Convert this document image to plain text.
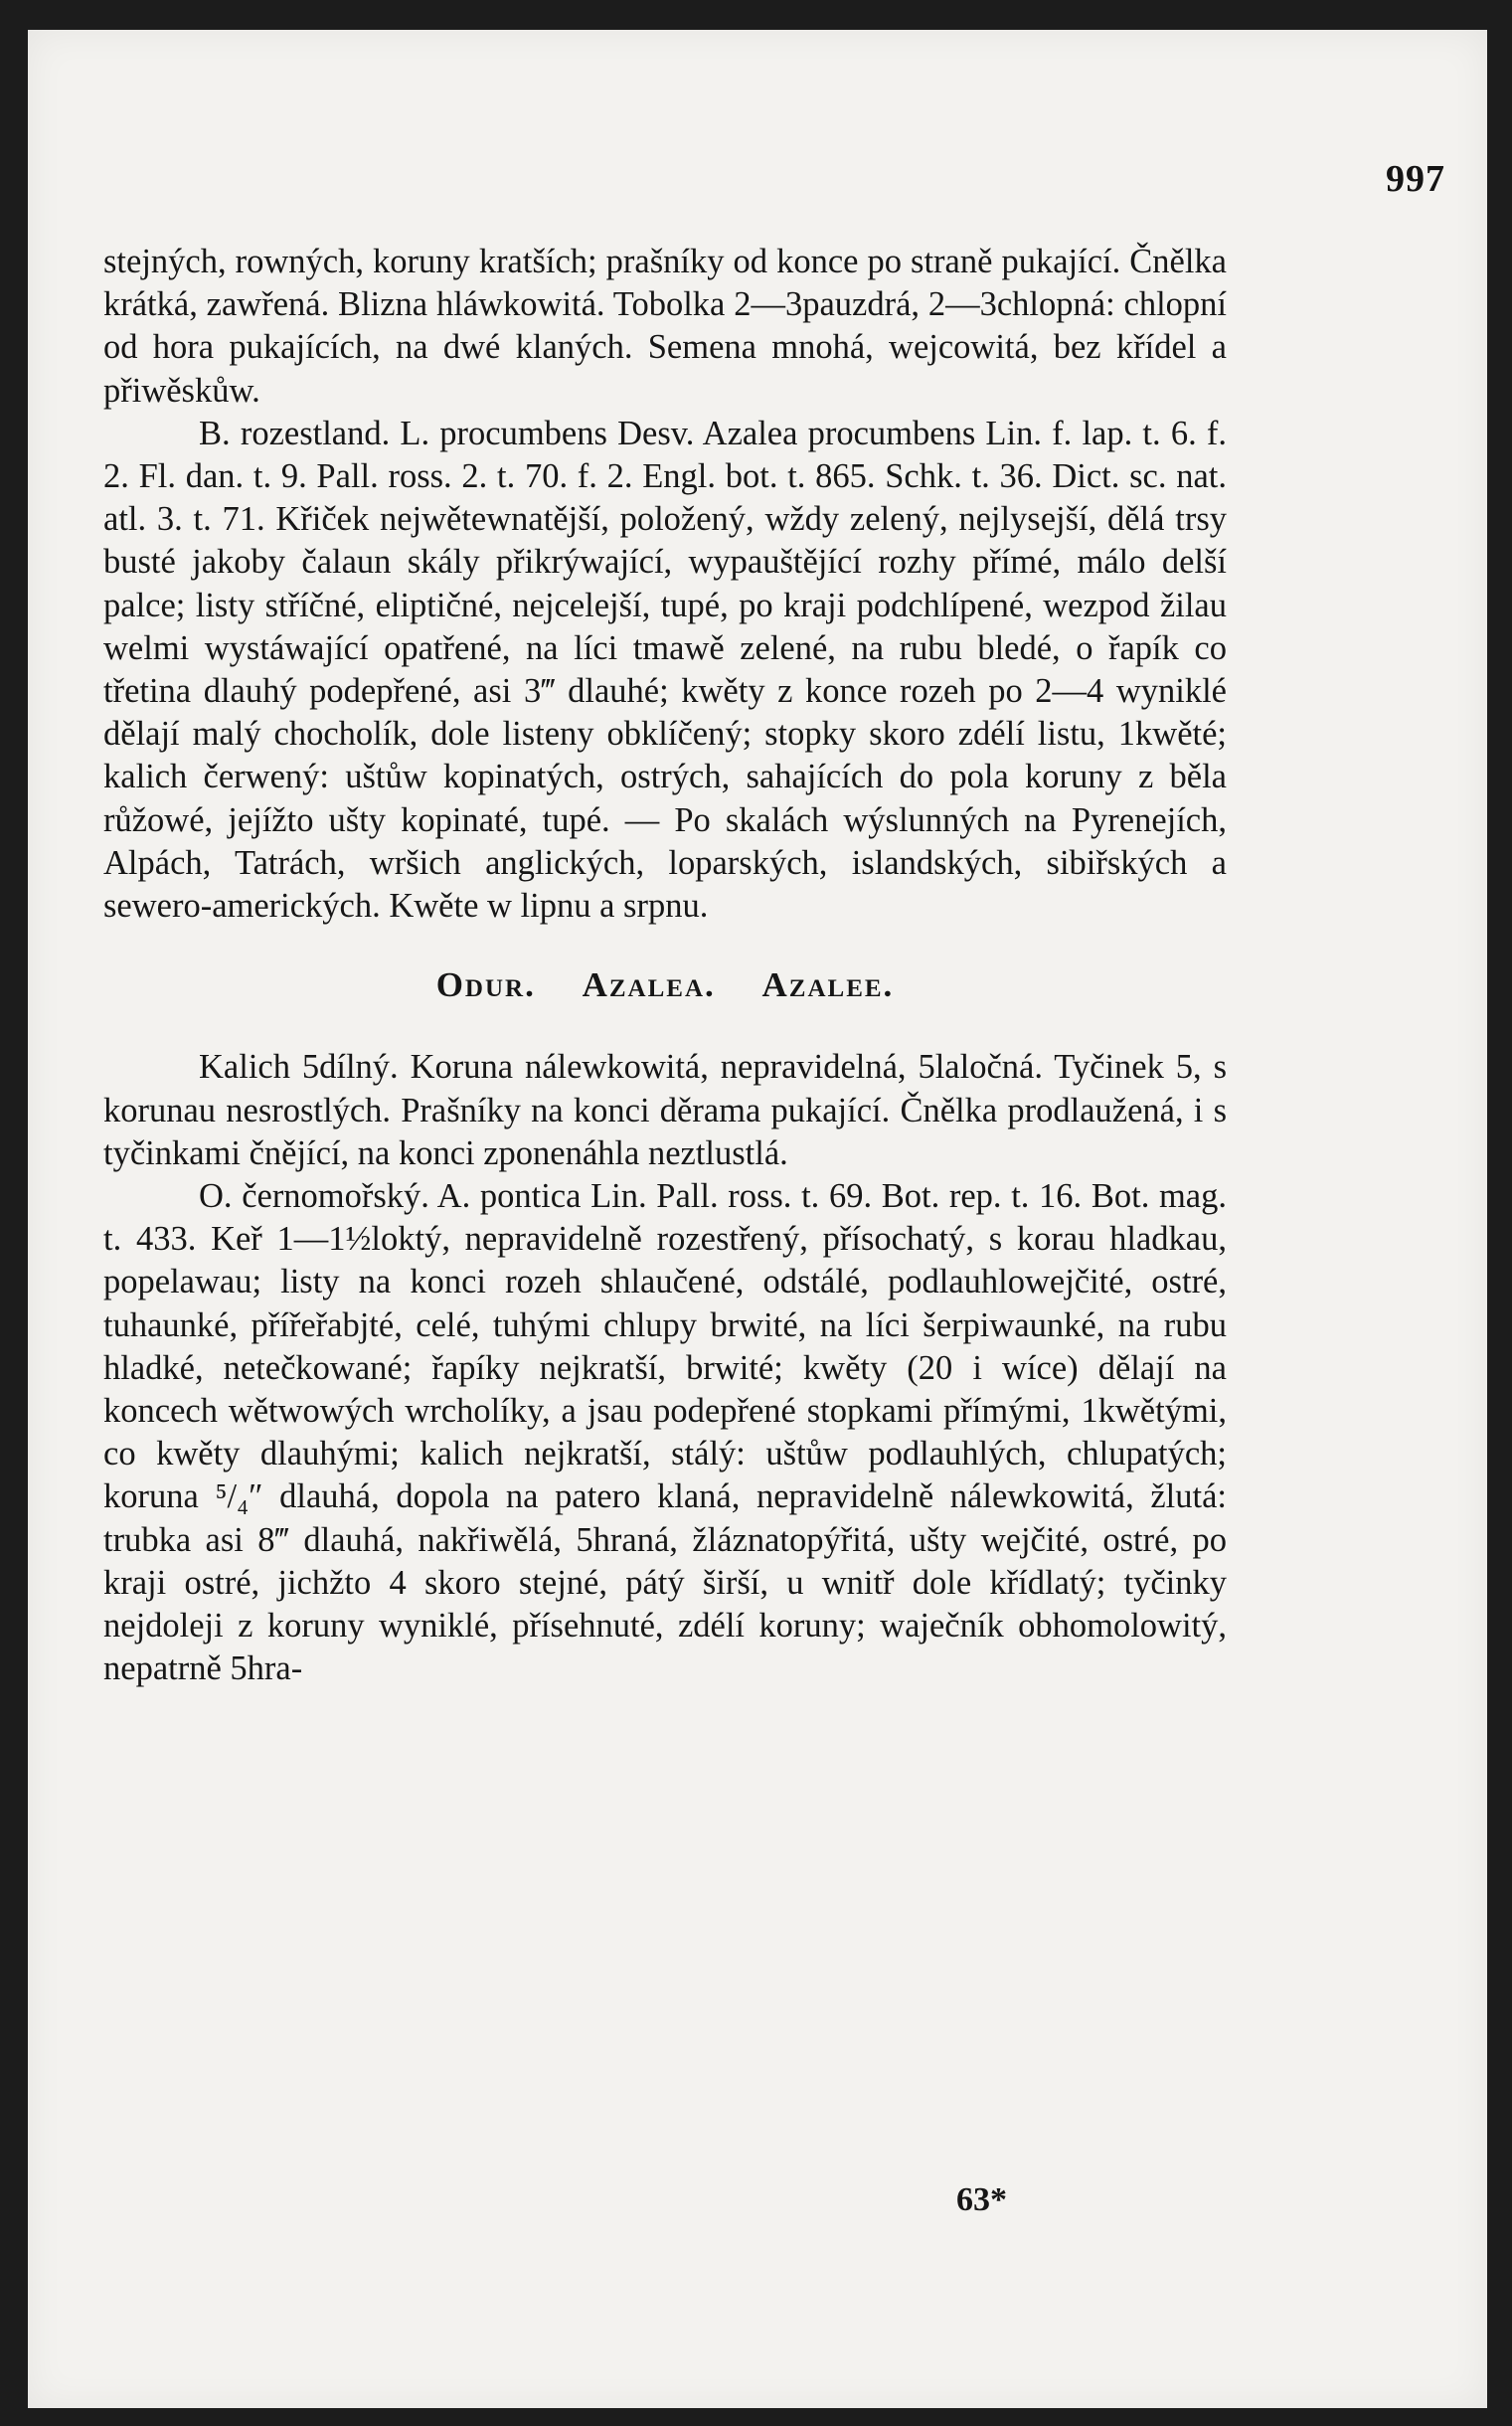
997

stejných, rowných, koruny kratších; prašníky od konce po straně pukající. Čnělka krátká, zawřená. Blizna hláwkowitá. Tobolka 2—3pauzdrá, 2—3chlopná: chlopní od hora pukajících, na dwé klaných. Semena mnohá, wejcowitá, bez křídel a přiwěskůw.

B. rozestland. L. procumbens Desv. Azalea procumbens Lin. f. lap. t. 6. f. 2. Fl. dan. t. 9. Pall. ross. 2. t. 70. f. 2. Engl. bot. t. 865. Schk. t. 36. Dict. sc. nat. atl. 3. t. 71. Křiček nejwětewnatější, položený, wždy zelený, nejlysejší, dělá trsy busté jakoby čalaun skály přikrýwající, wypauštějící rozhy přímé, málo delší palce; listy stříčné, eliptičné, nejcelejší, tupé, po kraji podchlípené, wezpod žilau welmi wystáwající opatřené, na líci tmawě zelené, na rubu bledé, o řapík co třetina dlauhý podepřené, asi 3‴ dlauhé; kwěty z konce rozeh po 2—4 wyniklé dělají malý chocholík, dole listeny obklíčený; stopky skoro zdélí listu, 1kwěté; kalich čerwený: uštůw kopinatých, ostrých, sahajících do pola koruny z běla růžowé, jejížto ušty kopinaté, tupé. — Po skalách wýslunných na Pyrenejích, Alpách, Tatrách, wršich anglických, loparských, islandských, sibiřských a sewero-amerických. Kwěte w lipnu a srpnu.

Odur. Azalea. Azalee.

Kalich 5dílný. Koruna nálewkowitá, nepravidelná, 5laločná. Tyčinek 5, s korunau nesrostlých. Prašníky na konci děrama pukající. Čnělka prodlaužená, i s tyčinkami čnějící, na konci zponenáhla neztlustlá.

O. černomořský. A. pontica Lin. Pall. ross. t. 69. Bot. rep. t. 16. Bot. mag. t. 433. Keř 1—1½loktý, nepravidelně rozestřený, přísochatý, s korau hladkau, popelawau; listy na konci rozeh shlaučené, odstálé, podlauhlowejčité, ostré, tuhaunké, přířeřabjté, celé, tuhými chlupy brwité, na líci šerpiwaunké, na rubu hladké, netečkowané; řapíky nejkratší, brwité; kwěty (20 i wíce) dělají na koncech wětwowých wrcholíky, a jsau podepřené stopkami přímými, 1kwětými, co kwěty dlauhými; kalich nejkratší, stálý: uštůw podlauhlých, chlupatých; koruna ⁵/₄″ dlauhá, dopola na patero klaná, nepravidelně nálewkowitá, žlutá: trubka asi 8‴ dlauhá, nakřiwělá, 5hraná, žláznatopýřitá, ušty wejčité, ostré, po kraji ostré, jichžto 4 skoro stejné, pátý širší, u wnitř dole křídlatý; tyčinky nejdoleji z koruny wyniklé, přísehnuté, zdélí koruny; waječník obhomolowitý, nepatrně 5hra-

63*
